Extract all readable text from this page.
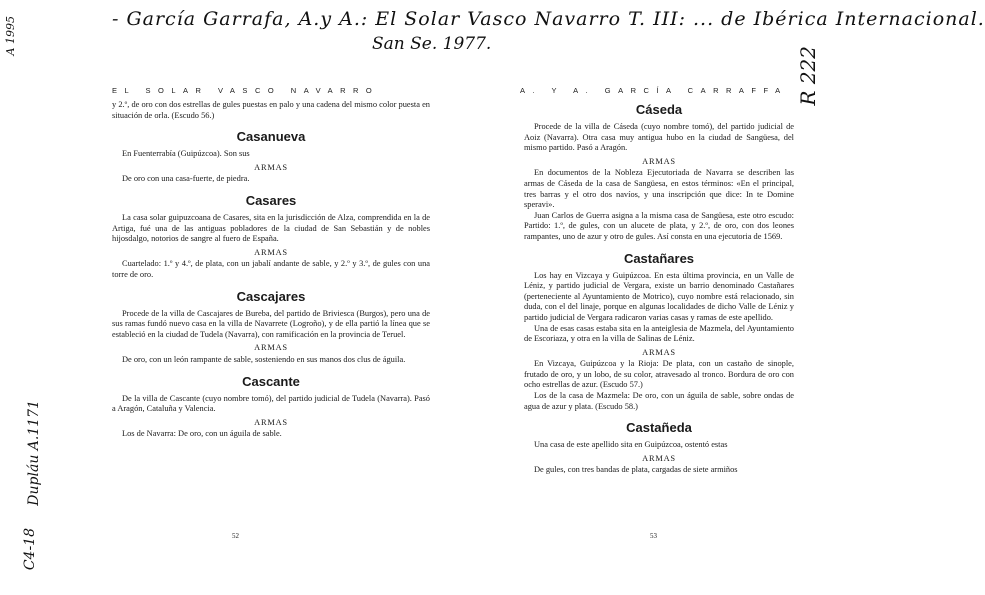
- García Garrafa, A.y A.: El Solar Vasco Navarro T. III: ... de Ibérica Internacional.
San Se. 1977.
R 222
A 1995
Dupláu A.1171
C4-18
EL SOLAR VASCO NAVARRO	A. Y A. GARCÍA CARRAFFA

y 2.º, de oro con dos estrellas de gules puestas en palo y una cadena del mismo color puesta en situación de orla. (Escudo 56.)

Casanueva

En Fuenterrabía (Guipúzcoa). Son sus

ARMAS

De oro con una casa-fuerte, de piedra.

Casares

La casa solar guipuzcoana de Casares, sita en la jurisdicción de Alza, comprendida en la de Artiga, fué una de las antiguas pobladores de la ciudad de San Sebastián y de nobles hijosdalgo, notorios de sangre al fuero de España.

ARMAS

Cuartelado: 1.º y 4.º, de plata, con un jabalí andante de sable, y 2.º y 3.º, de gules con una torre de oro.

Cascajares

Procede de la villa de Cascajares de Bureba, del partido de Briviesca (Burgos), pero una de sus ramas fundó nuevo casa en la villa de Navarrete (Logroño), y de ella partió la línea que se estableció en la ciudad de Tudela (Navarra), con ramificación en la provincia de Teruel.

ARMAS

De oro, con un león rampante de sable, sosteniendo en sus manos dos clus de águila.

Cascante

De la villa de Cascante (cuyo nombre tomó), del partido judicial de Tudela (Navarra). Pasó a Aragón, Cataluña y Valencia.

ARMAS

Los de Navarra: De oro, con un águila de sable.

Cáseda

Procede de la villa de Cáseda (cuyo nombre tomó), del partido judicial de Aoiz (Navarra). Otra casa muy antigua hubo en la ciudad de Sangüesa, del mismo partido. Pasó a Aragón.

ARMAS

En documentos de la Nobleza Ejecutoriada de Navarra se describen las armas de Cáseda de la casa de Sangüesa, en estos términos: «En el principal, tres barras y el otro dos navíos, y una inscripción que dice: In te Domine speravi».

Juan Carlos de Guerra asigna a la misma casa de Sangüesa, este otro escudo: Partido: 1.º, de gules, con un alucete de plata, y 2.º, de oro, con dos leones rampantes, uno de azur y otro de gules. Así consta en una ejecutoria de 1569.

Castañares

Los hay en Vizcaya y Guipúzcoa. En esta última provincia, en un Valle de Léniz, y partido judicial de Vergara, existe un barrio denominado Castañares (perteneciente al Ayuntamiento de Motrico), cuyo nombre está relacionado, sin duda, con el del linaje, porque en algunas localidades de dicho Valle de Léniz y partido judicial de Vergara radicaron varias casas y ramas de este apellido.

Una de esas casas estaba sita en la anteiglesia de Mazmela, del Ayuntamiento de Escoriaza, y otra en la villa de Salinas de Léniz.

ARMAS

En Vizcaya, Guipúzcoa y la Rioja: De plata, con un castaño de sinople, frutado de oro, y un lobo, de su color, atravesado al tronco. Bordura de oro con ocho estrellas de azur. (Escudo 57.)

Los de la casa de Mazmela: De oro, con un águila de sable, sobre ondas de agua de azur y plata. (Escudo 58.)

Castañeda

Una casa de este apellido sita en Guipúzcoa, ostentó estas

ARMAS

De gules, con tres bandas de plata, cargadas de siete armiños

52	53
